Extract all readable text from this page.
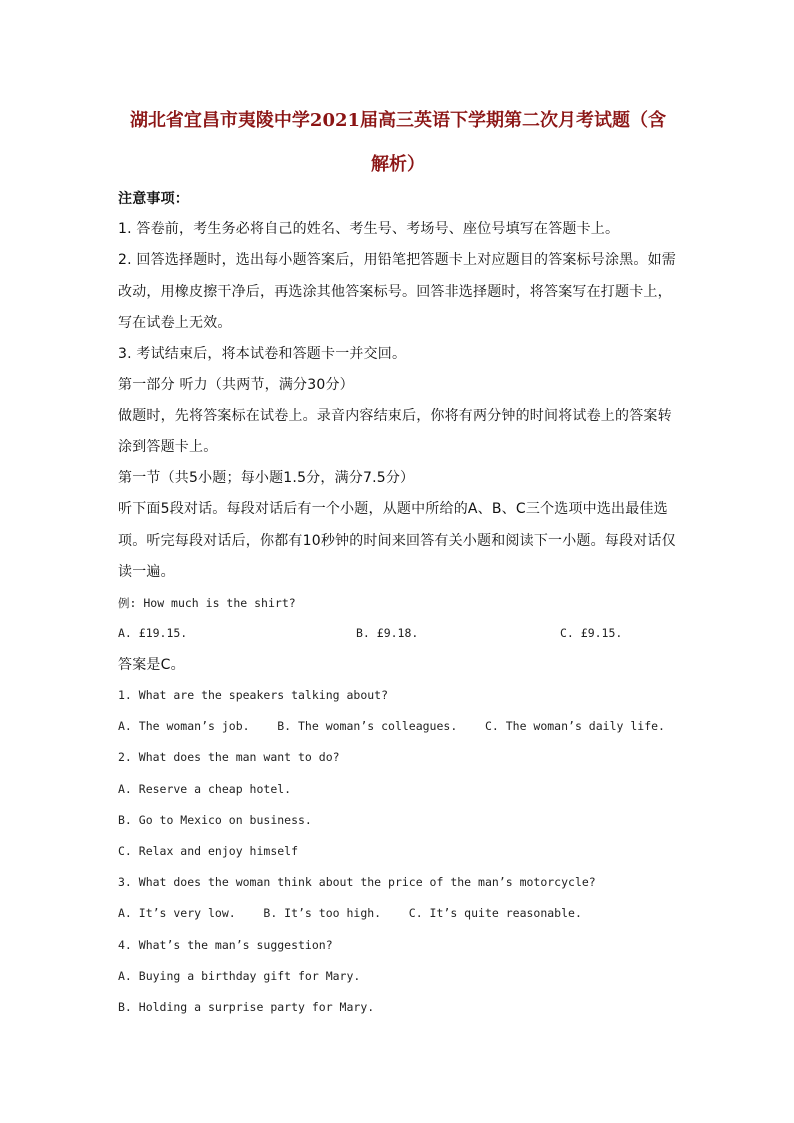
湖北省宜昌市夷陵中学2021届高三英语下学期第二次月考试题（含
解析）
注意事项：
1. 答卷前，考生务必将自己的姓名、考生号、考场号、座位号填写在答题卡上。
2. 回答选择题时，选出每小题答案后，用铅笔把答题卡上对应题目的答案标号涂黑。如需
改动，用橡皮擦干净后，再选涂其他答案标号。回答非选择题时，将答案写在打题卡上，
写在试卷上无效。
3. 考试结束后，将本试卷和答题卡一并交回。
第一部分 听力（共两节，满分30分）
做题时，先将答案标在试卷上。录音内容结束后，你将有两分钟的时间将试卷上的答案转
涂到答题卡上。
第一节（共5小题；每小题1.5分，满分7.5分）
听下面5段对话。每段对话后有一个小题，从题中所给的A、B、C三个选项中选出最佳选
项。听完每段对话后，你都有10秒钟的时间来回答有关小题和阅读下一小题。每段对话仅
读一遍。
例: How much is the shirt?
A. £19.15.	B. £9.18.	C. £9.15.
答案是C。
1. What are the speakers talking about?
A. The woman’s job.    B. The woman’s colleagues.    C. The woman’s daily life.
2. What does the man want to do?
A. Reserve a cheap hotel.
B. Go to Mexico on business.
C. Relax and enjoy himself
3. What does the woman think about the price of the man’s motorcycle?
A. It’s very low.    B. It’s too high.    C. It’s quite reasonable.
4. What’s the man’s suggestion?
A. Buying a birthday gift for Mary.
B. Holding a surprise party for Mary.
